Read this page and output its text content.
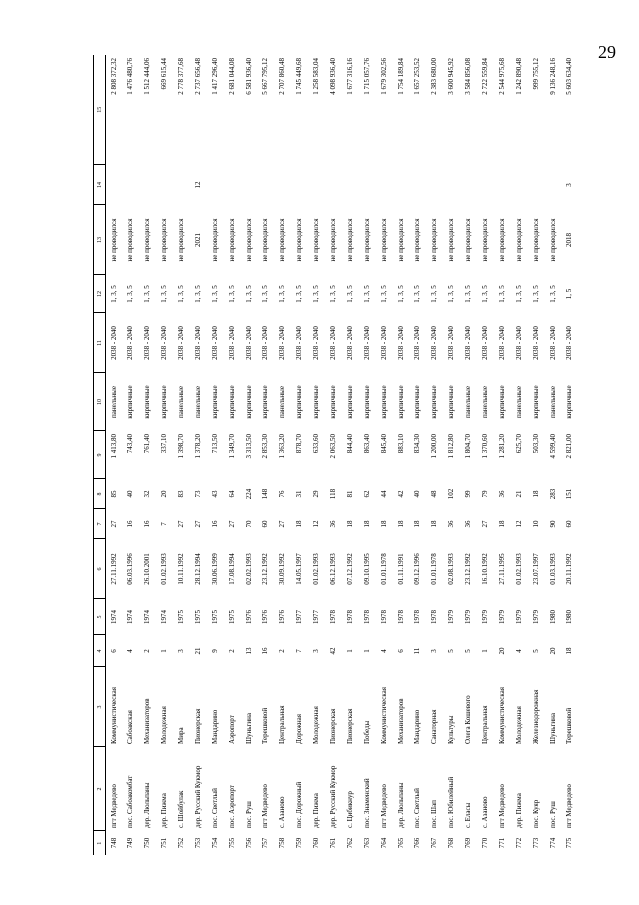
29
1	2	3	4	5	6	7	8	9	10	11	12	13	14	15
748	пгт Медведево	Коммунистическая	6	1974	27.11.1992	27	85	1 413,80	панельные	2038 - 2040	1, 3, 5	не проводился		2 808 372,32
749	пос. Сабоакомбат	Сабоакская	4	1974	06.03.1996	16	40	743,40	кирпичные	2038 - 2040	1, 3, 5	не проводился		1 476 480,76
750	дер. Люльпаны	Механизаторов	2	1974	26.10.2001	16	32	761,40	кирпичные	2038 - 2040	1, 3, 5	не проводился		1 512 444,06
751	дер. Пижма	Молодежная	1	1974	01.02.1993	7	20	337,10	кирпичные	2038 - 2040	1, 3, 5	не проводился		669 615,44
752	с. Шойбулак	Мира	3	1975	10.11.1992	27	83	1 398,70	панельные	2038 - 2040	1, 3, 5	не проводился		2 778 377,68
753	дер. Русский Кукмор	Пионерская	21	1975	28.12.1994	27	73	1 378,20	панельные	2038 - 2040	1, 3, 5	2021	12	2 737 656,48
754	пос. Светлый	Мандарино	9	1975	30.06.1999	16	43	713,50	кирпичные	2038 - 2040	1, 3, 5	не проводился		1 417 296,40
755	пос. Аэропорт	Аэропорт	2	1975	17.08.1994	27	64	1 349,70	кирпичные	2038 - 2040	1, 3, 5	не проводился		2 681 044,08
756	пос. Руш	Шуньгина	13	1976	02.02.1993	70	224	3 313,50	кирпичные	2038 - 2040	1, 3, 5	не проводился		6 581 936,40
757	пгт Медведево	Терешковой	16	1976	23.12.1992	60	148	2 853,30	кирпичные	2038 - 2040	1, 3, 5	не проводился		5 667 795,12
758	с. Азаново	Центральная	2	1976	30.09.1992	27	76	1 363,20	панельные	2038 - 2040	1, 3, 5	не проводился		2 707 860,48
759	пос. Дорожный	Дорожная	7	1977	14.05.1997	18	31	878,70	кирпичные	2038 - 2040	1, 3, 5	не проводился		1 745 449,68
760	дер. Пижма	Молодежная	3	1977	01.02.1993	12	29	633,60	кирпичные	2038 - 2040	1, 3, 5	не проводился		1 258 583,04
761	дер. Русский Кукмор	Пионерская	42	1978	06.12.1993	36	118	2 063,50	кирпичные	2038 - 2040	1, 3, 5	не проводился		4 098 936,40
762	с. Цибикнур	Пионерская	1	1978	07.12.1992	18	81	844,40	кирпичные	2038 - 2040	1, 3, 5	не проводился		1 677 316,16
763	пос. Знаменский	Победы	1	1978	09.10.1995	18	62	863,40	кирпичные	2038 - 2040	1, 3, 5	не проводился		1 715 057,76
764	пгт Медведево	Коммунистическая	4	1978	01.01.1978	18	44	845,40	кирпичные	2038 - 2040	1, 3, 5	не проводился		1 679 302,56
765	дер. Люльпаны	Механизаторов	6	1978	01.11.1991	18	42	883,10	кирпичные	2038 - 2040	1, 3, 5	не проводился		1 754 189,84
766	пос. Светлый	Мандарино	11	1978	09.12.1996	18	40	834,30	кирпичные	2038 - 2040	1, 3, 5	не проводился		1 657 253,52
767	пос. Шап	Санаторная	3	1978	01.01.1978	18	48	1 200,00	кирпичные	2038 - 2040	1, 3, 5	не проводился		2 383 680,00
768	пос. Юбилейный	Культуры	5	1979	02.08.1993	36	102	1 812,80	кирпичные	2038 - 2040	1, 3, 5	не проводился		3 600 945,92
769	с. Еласы	Олега Кошевого	5	1979	23.12.1992	36	99	1 804,70	панельные	2038 - 2040	1, 3, 5	не проводился		3 584 856,08
770	с. Азаново	Центральная	1	1979	16.10.1992	27	79	1 370,60	панельные	2038 - 2040	1, 3, 5	не проводился		2 722 559,84
771	пгт Медведево	Коммунистическая	20	1979	27.11.1995	18	36	1 281,20	кирпичные	2038 - 2040	1, 3, 5	не проводился		2 544 975,68
772	дер. Пижма	Молодежная	4	1979	01.02.1993	12	21	625,70	панельные	2038 - 2040	1, 3, 5	не проводился		1 242 890,48
773	пос. Куяр	Железнодорожная	5	1979	23.07.1997	10	18	503,30	кирпичные	2038 - 2040	1, 3, 5	не проводился		999 755,12
774	пос. Руш	Шуньгина	20	1980	01.03.1993	90	283	4 599,40	панельные	2038 - 2040	1, 3, 5	не проводился		9 136 248,16
775	пгт Медведево	Терешковой	18	1980	20.11.1992	60	151	2 821,00	кирпичные	2038 - 2040	1, 5	2018	3	5 603 634,40
